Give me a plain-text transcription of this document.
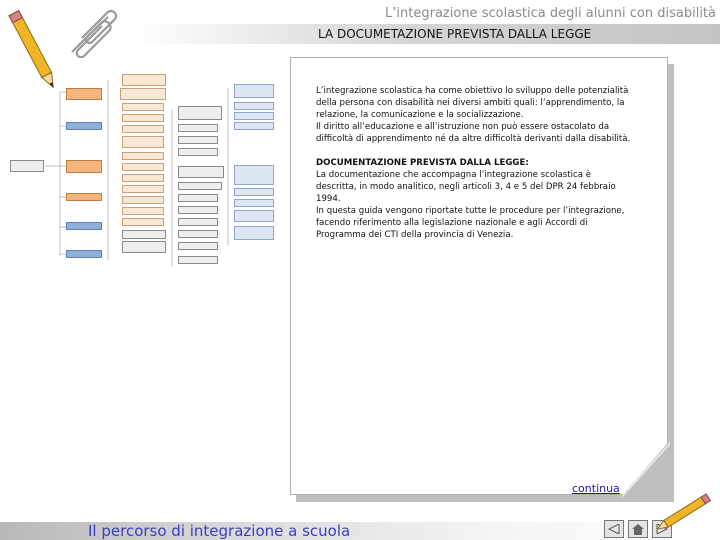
L’integrazione scolastica degli alunni con disabilità
LA DOCUMETAZIONE PREVISTA DALLA LEGGE

L’integrazione scolastica ha come obiettivo lo sviluppo delle potenzialità della persona con disabilità nei diversi ambiti quali: l’apprendimento, la relazione, la comunicazione e la socializzazione.
Il diritto all’educazione e all’istruzione non può essere ostacolato da difficoltà di apprendimento né da altre difficoltà derivanti dalla disabilità.

DOCUMENTAZIONE PREVISTA DALLA LEGGE:
La documentazione che accompagna l’integrazione scolastica è descritta, in modo analitico, negli articoli 3, 4 e 5 del DPR 24 febbraio 1994.
In questa guida vengono riportate tutte le procedure per l’integrazione, facendo riferimento alla legislazione nazionale e agli Accordi di Programma dei CTI della provincia di Venezia.

continua
Il percorso di integrazione a scuola
